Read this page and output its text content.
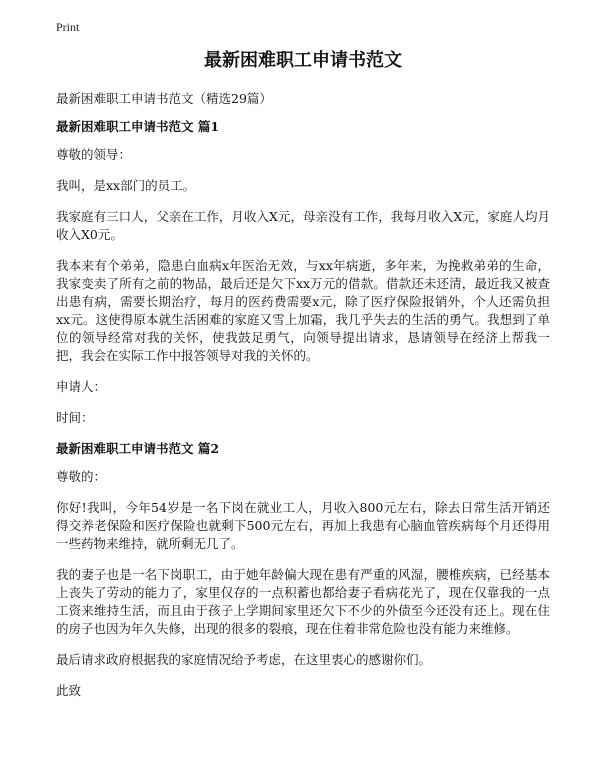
Print
最新困难职工申请书范文

最新困难职工申请书范文（精选29篇）

最新困难职工申请书范文 篇1

尊敬的领导：

我叫，是xx部门的员工。

我家庭有三口人，父亲在工作，月收入X元，母亲没有工作，我每月收入X元，家庭人均月收入X0元。

我本来有个弟弟，隐患白血病x年医治无效，与xx年病逝，多年来，为挽救弟弟的生命，我家变卖了所有之前的物品，最后还是欠下xx万元的借款。借款还未还清，最近我又被查出患有病，需要长期治疗，每月的医药费需要x元，除了医疗保险报销外，个人还需负担xx元。这使得原本就生活困难的家庭又雪上加霜，我几乎失去的生活的勇气。我想到了单位的领导经常对我的关怀，使我鼓足勇气，向领导提出请求，恳请领导在经济上帮我一把，我会在实际工作中报答领导对我的关怀的。

申请人：

时间：

最新困难职工申请书范文 篇2

尊敬的：

你好!我叫，今年54岁是一名下岗在就业工人，月收入800元左右，除去日常生活开销还得交养老保险和医疗保险也就剩下500元左右，再加上我患有心脑血管疾病每个月还得用一些药物来维持，就所剩无几了。

我的妻子也是一名下岗职工，由于她年龄偏大现在患有严重的风湿，腰椎疾病，已经基本上丧失了劳动的能力了，家里仅存的一点积蓄也都给妻子看病花光了，现在仅靠我的一点工资来维持生活，而且由于孩子上学期间家里还欠下不少的外债至今还没有还上。现在住的房子也因为年久失修，出现的很多的裂痕，现在住着非常危险也没有能力来维修。

最后请求政府根据我的家庭情况给予考虑，在这里衷心的感谢你们。

此致
